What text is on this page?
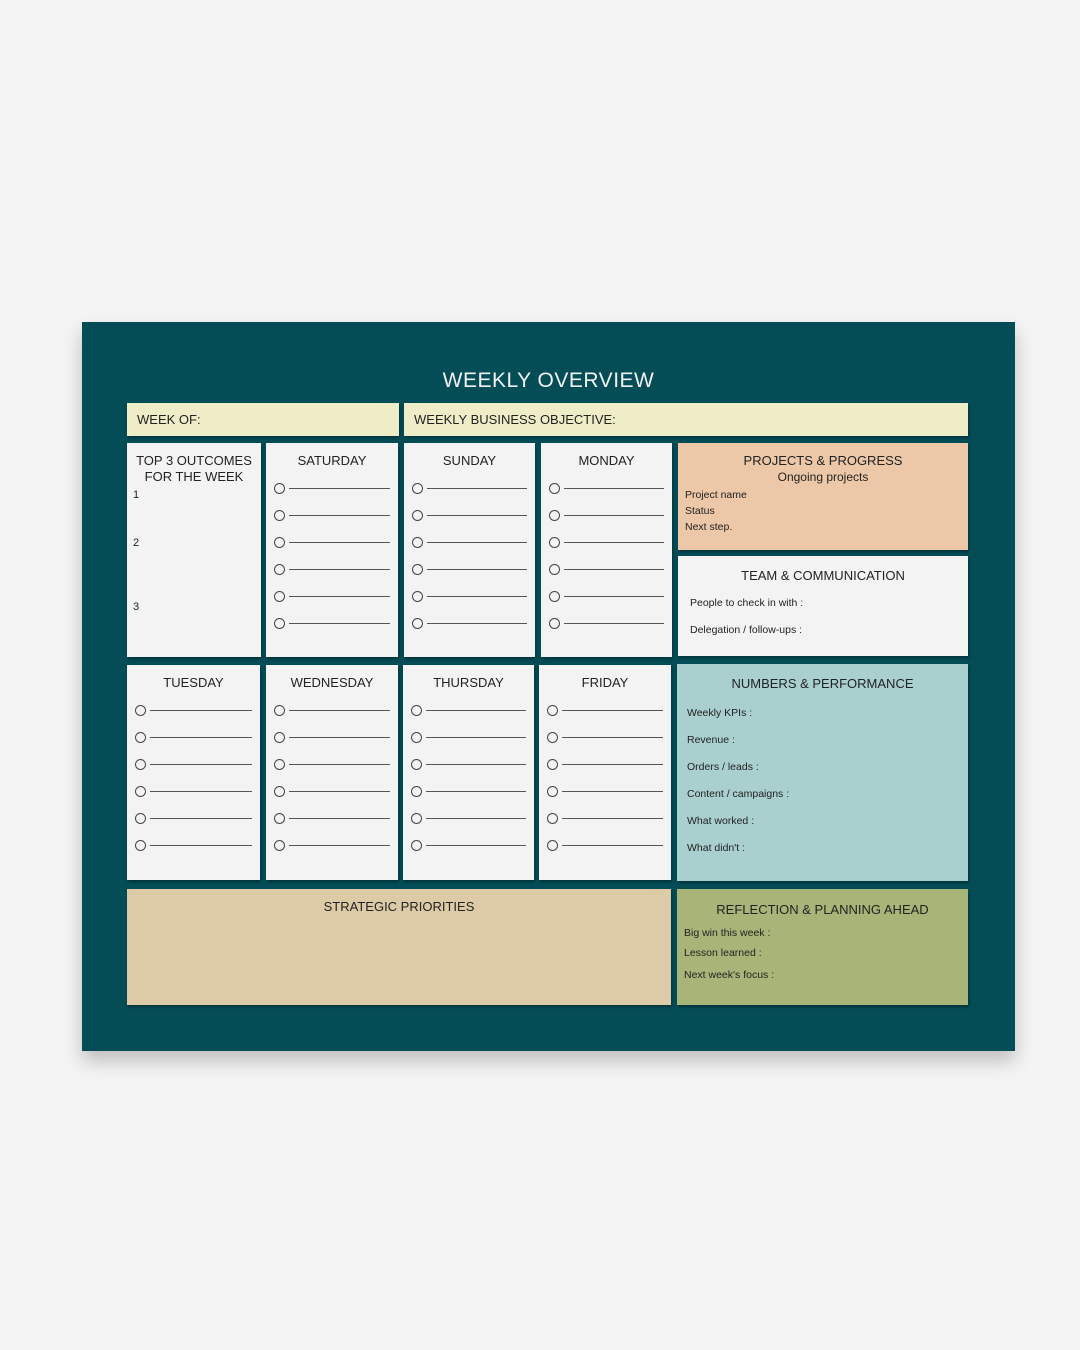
WEEKLY OVERVIEW
WEEK OF:	WEEKLY BUSINESS OBJECTIVE:
TOP 3 OUTCOMES
FOR THE WEEK
1
2
3
SATURDAY	SUNDAY	MONDAY	PROJECTS & PROGRESS
Ongoing projects
Project name
Status
Next step.
TEAM & COMMUNICATION
People to check in with :
Delegation / follow-ups :
TUESDAY	WEDNESDAY	THURSDAY	FRIDAY	NUMBERS & PERFORMANCE
Weekly KPIs :
Revenue :
Orders / leads :
Content / campaigns :
What worked :
What didn't :
STRATEGIC PRIORITIES	REFLECTION & PLANNING AHEAD
Big win this week :
Lesson learned :
Next week's focus :
